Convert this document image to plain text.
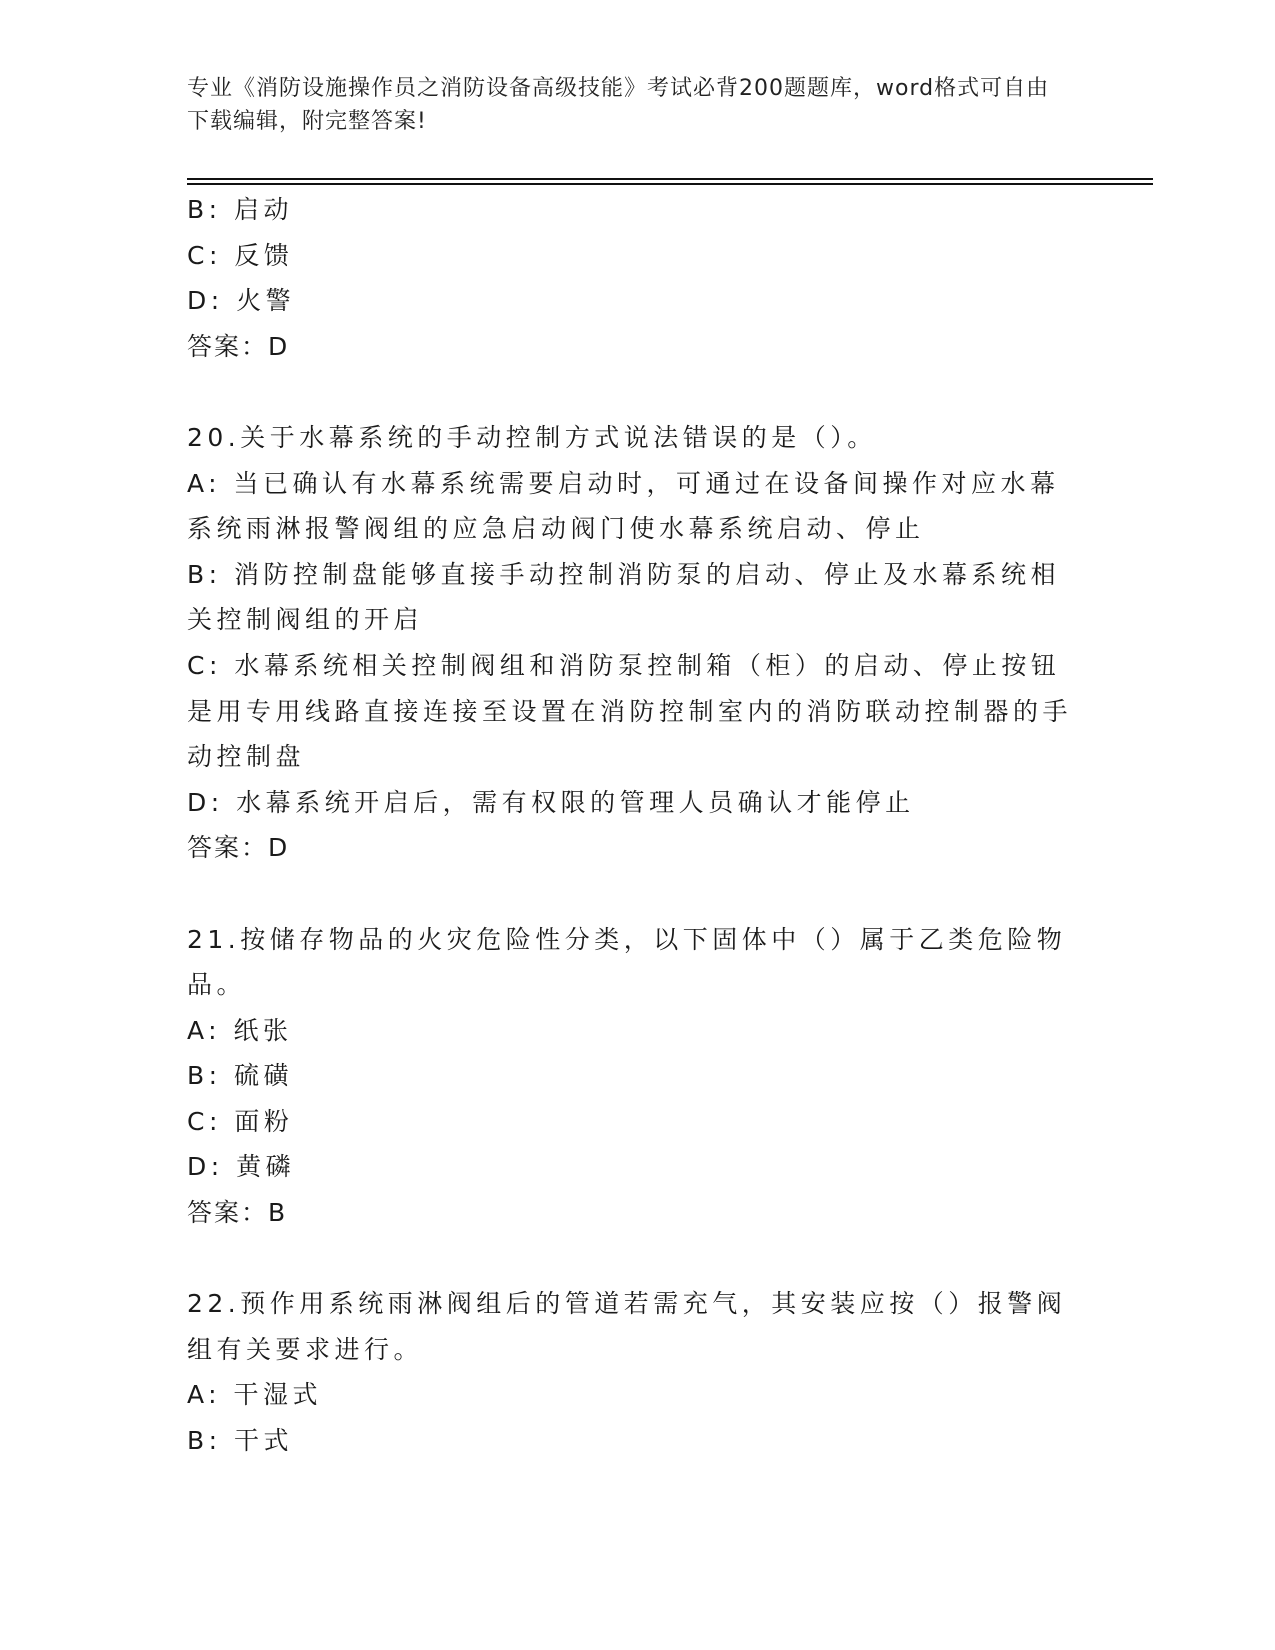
专业《消防设施操作员之消防设备高级技能》考试必背200题题库，word格式可自由下载编辑，附完整答案!

B: 启动

C: 反馈

D: 火警

答案：D

20.关于水幕系统的手动控制方式说法错误的是（）。

A: 当已确认有水幕系统需要启动时，可通过在设备间操作对应水幕系统雨淋报警阀组的应急启动阀门使水幕系统启动、停止

B: 消防控制盘能够直接手动控制消防泵的启动、停止及水幕系统相关控制阀组的开启

C: 水幕系统相关控制阀组和消防泵控制箱（柜）的启动、停止按钮是用专用线路直接连接至设置在消防控制室内的消防联动控制器的手动控制盘

D: 水幕系统开启后，需有权限的管理人员确认才能停止

答案：D

21.按储存物品的火灾危险性分类，以下固体中（）属于乙类危险物品。

A: 纸张

B: 硫磺

C: 面粉

D: 黄磷

答案：B

22.预作用系统雨淋阀组后的管道若需充气，其安装应按（）报警阀组有关要求进行。

A: 干湿式

B: 干式
